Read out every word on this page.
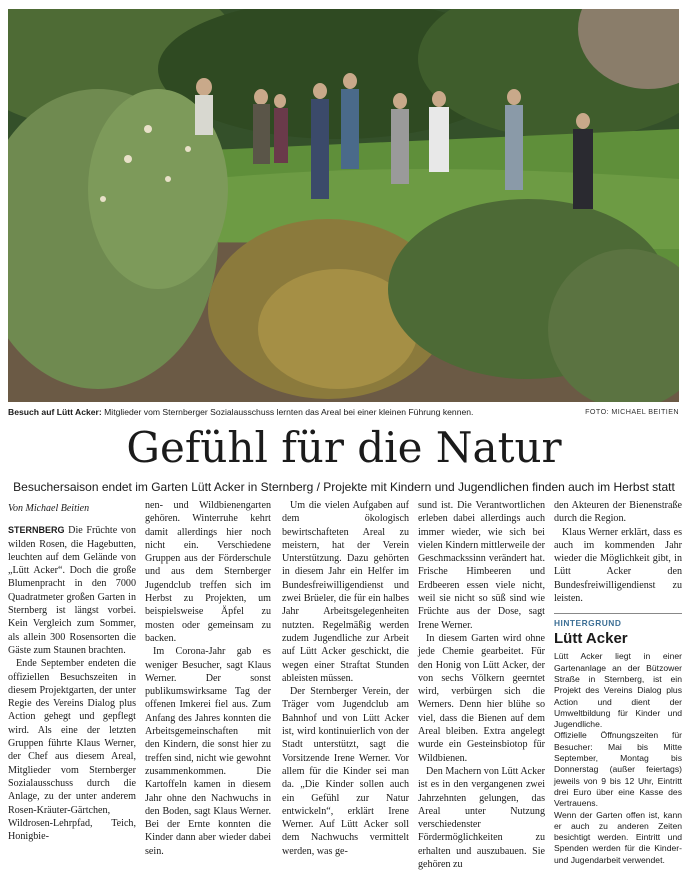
Besuch auf Lütt Acker: Mitglieder vom Sternberger Sozialausschuss lernten das Areal bei einer kleinen Führung kennen.	FOTO: MICHAEL BEITIEN
Gefühl für die Natur
Besuchersaison endet im Garten Lütt Acker in Sternberg / Projekte mit Kindern und Jugendlichen finden auch im Herbst statt
Von Michael Beitien

STERNBERG Die Früchte von wilden Rosen, die Hagebutten, leuchten auf dem Gelände von „Lütt Acker“. Doch die große Blumenpracht in den 7000 Quadratmeter großen Garten in Sternberg ist längst vorbei. Kein Vergleich zum Sommer, als allein 300 Rosensorten die Gäste zum Staunen brachten.

Ende September endeten die offiziellen Besuchszeiten in diesem Projektgarten, der unter Regie des Vereins Dialog plus Action gehegt und gepflegt wird. Als eine der letzten Gruppen führte Klaus Werner, der Chef aus diesem Areal, Mitglieder vom Sternberger Sozialausschuss durch die Anlage, zu der unter anderem Rosen-Kräuter-Gärtchen, Wildrosen-Lehrpfad, Teich, Honigbie-

nen- und Wildbienengarten gehören. Winterruhe kehrt damit allerdings hier noch nicht ein. Verschiedene Gruppen aus der Förderschule und aus dem Sternberger Jugendclub treffen sich im Herbst zu Projekten, um beispielsweise Äpfel zu mosten oder gemeinsam zu backen.

Im Corona-Jahr gab es weniger Besucher, sagt Klaus Werner. Der sonst publikumswirksame Tag der offenen Imkerei fiel aus. Zum Anfang des Jahres konnten die Arbeitsgemeinschaften mit den Kindern, die sonst hier zu treffen sind, nicht wie gewohnt zusammenkommen. Die Kartoffeln kamen in diesem Jahr ohne den Nachwuchs in den Boden, sagt Klaus Werner. Bei der Ernte konnten die Kinder dann aber wieder dabei sein.

Um die vielen Aufgaben auf dem ökologisch bewirtschafteten Areal zu meistern, hat der Verein Unterstützung. Dazu gehörten in diesem Jahr ein Helfer im Bundesfreiwilligendienst und zwei Brüeler, die für ein halbes Jahr Arbeitsgelegenheiten nutzten. Regelmäßig werden zudem Jugendliche zur Arbeit auf Lütt Acker geschickt, die wegen einer Straftat Stunden ableisten müssen.

Der Sternberger Verein, der Träger vom Jugendclub am Bahnhof und von Lütt Acker ist, wird kontinuierlich von der Stadt unterstützt, sagt die Vorsitzende Irene Werner. Vor allem für die Kinder sei man da. „Die Kinder sollen auch ein Gefühl zur Natur entwickeln“, erklärt Irene Werner. Auf Lütt Acker soll dem Nachwuchs vermittelt werden, was ge-

sund ist. Die Verantwortlichen erleben dabei allerdings auch immer wieder, wie sich bei vielen Kindern mittlerweile der Geschmackssinn verändert hat. Frische Himbeeren und Erdbeeren essen viele nicht, weil sie nicht so süß sind wie Früchte aus der Dose, sagt Irene Werner.

In diesem Garten wird ohne jede Chemie gearbeitet. Für den Honig von Lütt Acker, der von sechs Völkern geerntet wird, verbürgen sich die Werners. Denn hier blühe so viel, dass die Bienen auf dem Areal bleiben. Extra angelegt wurde ein Gesteinsbiotop für Wildbienen.

Den Machern von Lütt Acker ist es in den vergangenen zwei Jahrzehnten gelungen, das Areal unter Nutzung verschiedenster Fördermöglichkeiten zu erhalten und auszubauen. Sie gehören zu

den Akteuren der Bienenstraße durch die Region.

Klaus Werner erklärt, dass es auch im kommenden Jahr wieder die Möglichkeit gibt, in Lütt Acker den Bundesfreiwilligendienst zu leisten.

HINTERGRUND
Lütt Acker
Lütt Acker liegt in einer Gartenanlage an der Bützower Straße in Sternberg, ist ein Projekt des Vereins Dialog plus Action und dient der Umweltbildung für Kinder und Jugendliche.
Offizielle Öffnungszeiten für Besucher: Mai bis Mitte September, Montag bis Donnerstag (außer feiertags) jeweils von 9 bis 12 Uhr, Eintritt drei Euro über eine Kasse des Vertrauens.
Wenn der Garten offen ist, kann er auch zu anderen Zeiten besichtigt werden. Eintritt und Spenden werden für die Kinder- und Jugendarbeit verwendet.
